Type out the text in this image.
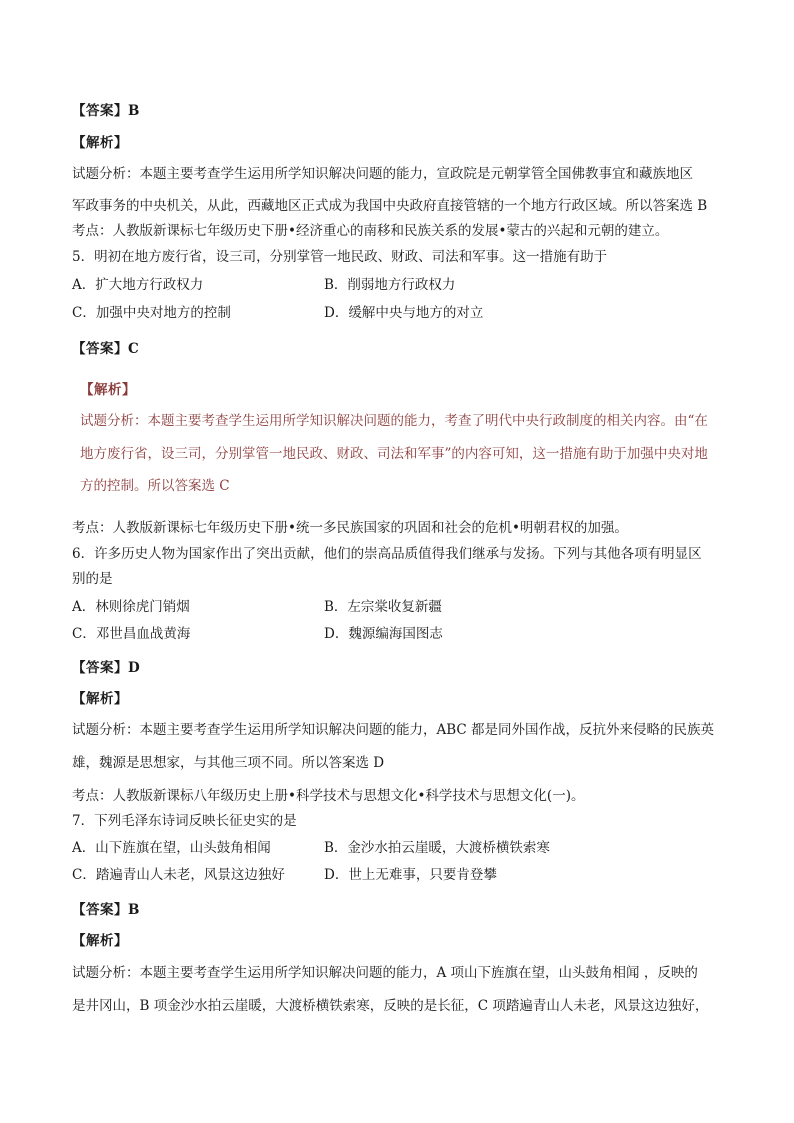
【答案】B
【解析】
试题分析：本题主要考查学生运用所学知识解决问题的能力，宣政院是元朝掌管全国佛教事宜和藏族地区
军政事务的中央机关，从此，西藏地区正式成为我国中央政府直接管辖的一个地方行政区域。所以答案选 B
考点：人教版新课标七年级历史下册•经济重心的南移和民族关系的发展•蒙古的兴起和元朝的建立。
5．明初在地方废行省，设三司，分别掌管一地民政、财政、司法和军事。这一措施有助于
A．扩大地方行政权力	B．削弱地方行政权力
C．加强中央对地方的控制	D．缓解中央与地方的对立
【答案】C
【解析】
试题分析：本题主要考查学生运用所学知识解决问题的能力，考查了明代中央行政制度的相关内容。由“在
地方废行省，设三司，分别掌管一地民政、财政、司法和军事”的内容可知，这一措施有助于加强中央对地
方的控制。所以答案选 C
考点：人教版新课标七年级历史下册•统一多民族国家的巩固和社会的危机•明朝君权的加强。
6．许多历史人物为国家作出了突出贡献，他们的崇高品质值得我们继承与发扬。下列与其他各项有明显区
别的是
A．林则徐虎门销烟	B．左宗棠收复新疆
C．邓世昌血战黄海	D．魏源编海国图志
【答案】D
【解析】
试题分析：本题主要考查学生运用所学知识解决问题的能力，ABC 都是同外国作战，反抗外来侵略的民族英
雄，魏源是思想家，与其他三项不同。所以答案选 D
考点：人教版新课标八年级历史上册•科学技术与思想文化•科学技术与思想文化(一)。
7．下列毛泽东诗词反映长征史实的是
A．山下旌旗在望，山头鼓角相闻	B．金沙水拍云崖暖，大渡桥横铁索寒
C．踏遍青山人未老，风景这边独好	D．世上无难事，只要肯登攀
【答案】B
【解析】
试题分析：本题主要考查学生运用所学知识解决问题的能力，A 项山下旌旗在望，山头鼓角相闻 ，反映的
是井冈山，B 项金沙水拍云崖暖，大渡桥横铁索寒，反映的是长征，C 项踏遍青山人未老，风景这边独好，
